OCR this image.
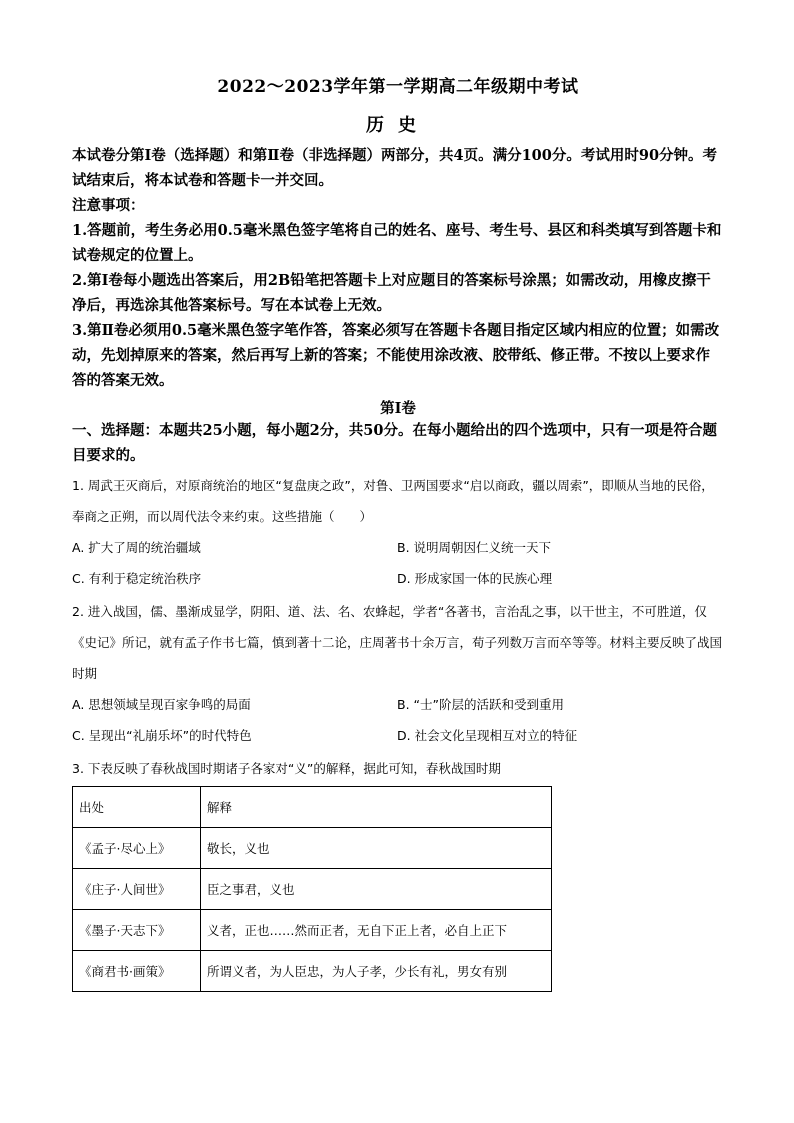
2022～2023学年第一学期高二年级期中考试
历史
本试卷分第Ⅰ卷（选择题）和第Ⅱ卷（非选择题）两部分，共4页。满分100分。考试用时90分钟。考试结束后，将本试卷和答题卡一并交回。
注意事项：
1.答题前，考生务必用0.5毫米黑色签字笔将自己的姓名、座号、考生号、县区和科类填写到答题卡和试卷规定的位置上。
2.第Ⅰ卷每小题选出答案后，用2B铅笔把答题卡上对应题目的答案标号涂黑；如需改动，用橡皮擦干净后，再选涂其他答案标号。写在本试卷上无效。
3.第Ⅱ卷必须用0.5毫米黑色签字笔作答，答案必须写在答题卡各题目指定区域内相应的位置；如需改动，先划掉原来的答案，然后再写上新的答案；不能使用涂改液、胶带纸、修正带。不按以上要求作答的答案无效。
第Ⅰ卷
一、选择题：本题共25小题，每小题2分，共50分。在每小题给出的四个选项中，只有一项是符合题目要求的。
1. 周武王灭商后，对原商统治的地区“复盘庚之政”，对鲁、卫两国要求“启以商政，疆以周索”，即顺从当地的民俗，奉商之正朔，而以周代法令来约束。这些措施（　　）
A. 扩大了周的统治疆域	B. 说明周朝因仁义统一天下
C. 有利于稳定统治秩序	D. 形成家国一体的民族心理
2. 进入战国，儒、墨渐成显学，阴阳、道、法、名、农蜂起，学者“各著书，言治乱之事，以干世主，不可胜道，仅《史记》所记，就有孟子作书七篇，慎到著十二论，庄周著书十余万言，荀子列数万言而卒等等。材料主要反映了战国时期
A. 思想领域呈现百家争鸣的局面	B. “士”阶层的活跃和受到重用
C. 呈现出“礼崩乐坏”的时代特色	D. 社会文化呈现相互对立的特征
3. 下表反映了春秋战国时期诸子各家对“义”的解释，据此可知，春秋战国时期
出处	解释
《孟子·尽心上》	敬长，义也
《庄子·人间世》	臣之事君，义也
《墨子·天志下》	义者，正也……然而正者，无自下正上者，必自上正下
《商君书·画策》	所谓义者，为人臣忠，为人子孝，少长有礼，男女有别
